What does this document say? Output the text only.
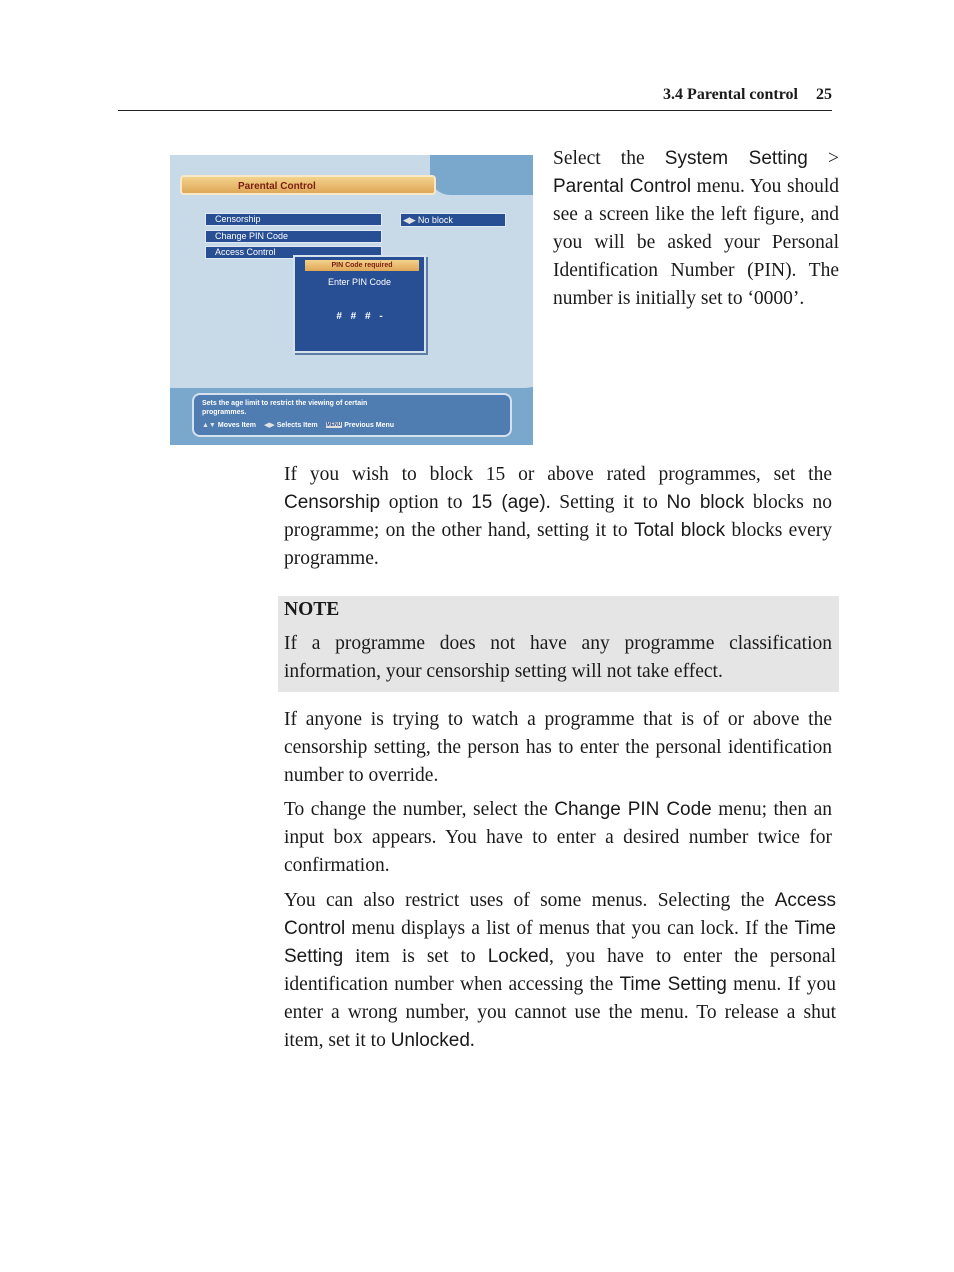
3.4 Parental control 25
Parental Control
Censorship
Change PIN Code
Access Control
◀▶ No block
PIN Code required
Enter PIN Code
# # # -
Sets the age limit to restrict the viewing of certain programmes.
▲▼ Moves Item ◀▶ Selects Item MENU Previous Menu

Select the System Setting > Parental Control menu. You should see a screen like the left figure, and you will be asked your Personal Identification Number (PIN). The number is initially set to ‘0000’.

If you wish to block 15 or above rated programmes, set the Censorship option to 15 (age). Setting it to No block blocks no programme; on the other hand, setting it to Total block blocks every programme.

NOTE

If a programme does not have any programme classification information, your censorship setting will not take effect.

If anyone is trying to watch a programme that is of or above the censorship setting, the person has to enter the personal identification number to override.

To change the number, select the Change PIN Code menu; then an input box appears. You have to enter a desired number twice for confirmation.

You can also restrict uses of some menus. Selecting the Access Control menu displays a list of menus that you can lock. If the Time Setting item is set to Locked, you have to enter the personal identification number when accessing the Time Setting menu. If you enter a wrong number, you cannot use the menu. To release a shut item, set it to Unlocked.
